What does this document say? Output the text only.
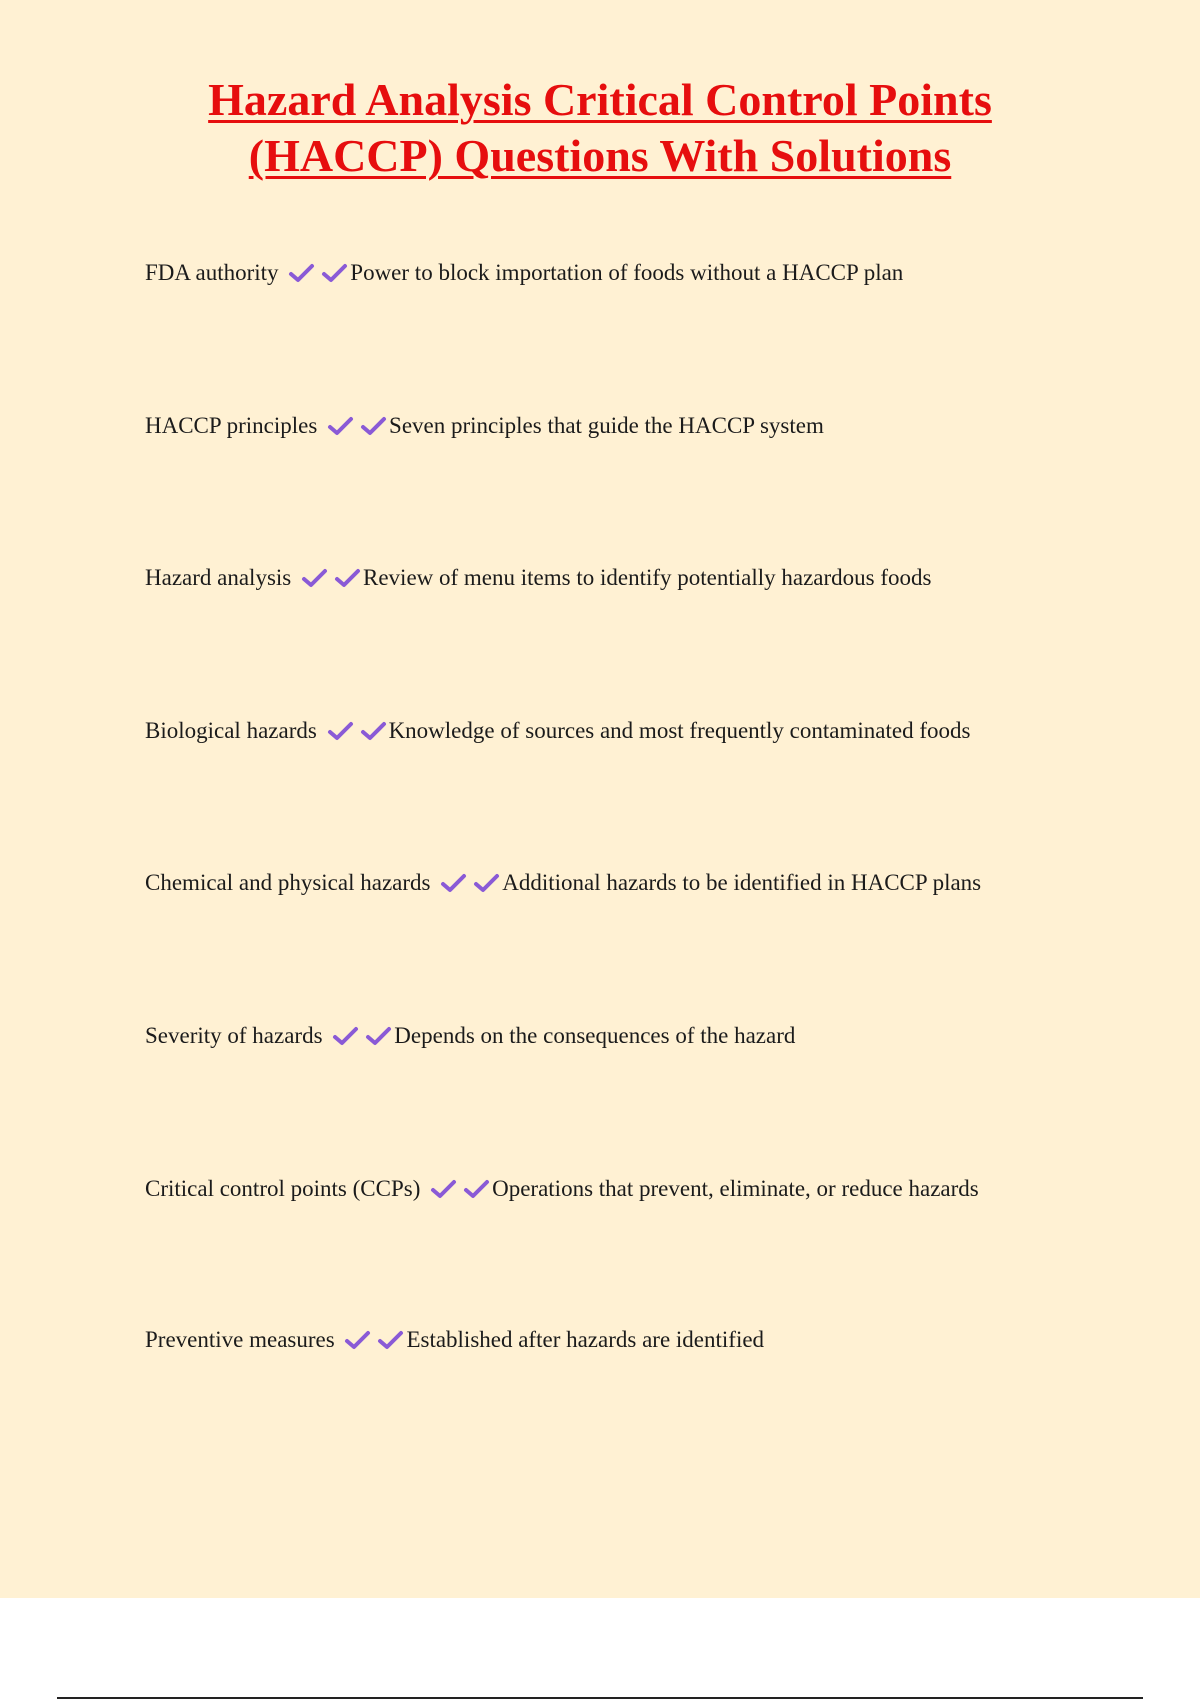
Hazard Analysis Critical Control Points
(HACCP) Questions With Solutions
FDA authority	Power to block importation of foods without a HACCP plan
HACCP principles	Seven principles that guide the HACCP system
Hazard analysis	Review of menu items to identify potentially hazardous foods
Biological hazards	Knowledge of sources and most frequently contaminated foods
Chemical and physical hazards	Additional hazards to be identified in HACCP plans
Severity of hazards	Depends on the consequences of the hazard
Critical control points (CCPs)	Operations that prevent, eliminate, or reduce hazards
Preventive measures	Established after hazards are identified
